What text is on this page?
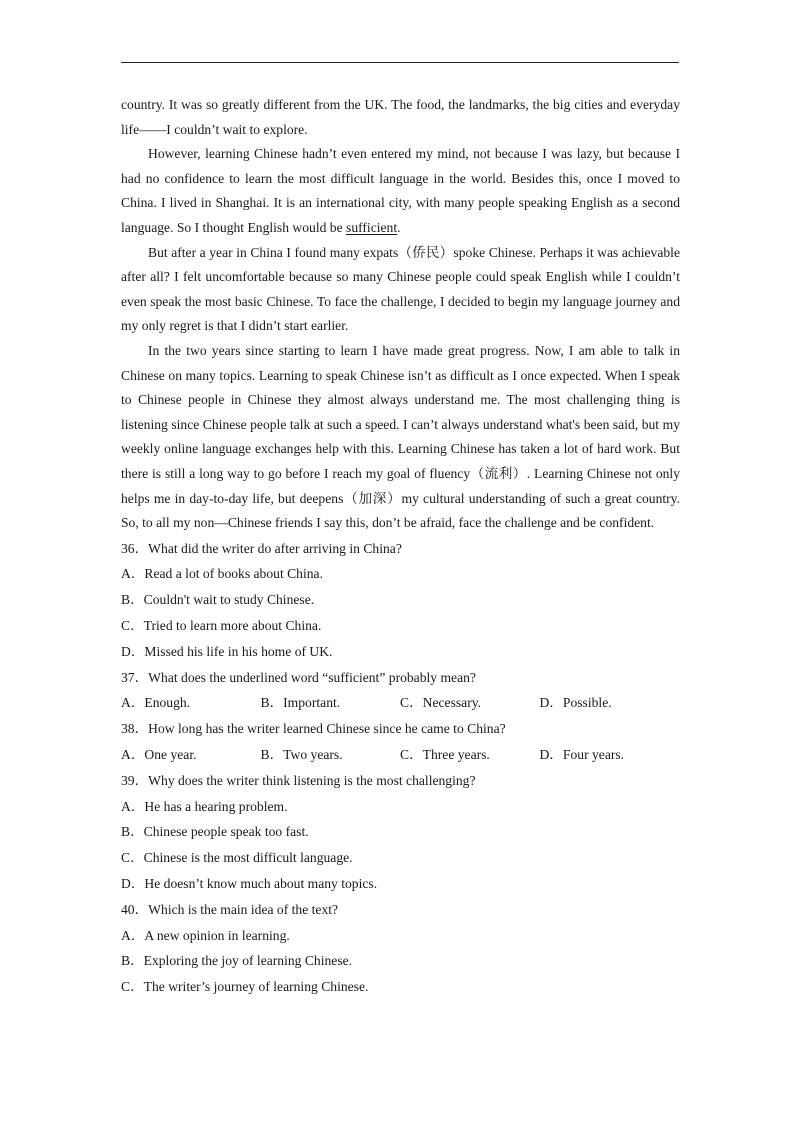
country. It was so greatly different from the UK. The food, the landmarks, the big cities and everyday life——I couldn’t wait to explore.

However, learning Chinese hadn’t even entered my mind, not because I was lazy, but because I had no confidence to learn the most difficult language in the world. Besides this, once I moved to China. I lived in Shanghai. It is an international city, with many people speaking English as a second language. So I thought English would be sufficient.

But after a year in China I found many expats（侨民）spoke Chinese. Perhaps it was achievable after all? I felt uncomfortable because so many Chinese people could speak English while I couldn’t even speak the most basic Chinese. To face the challenge, I decided to begin my language journey and my only regret is that I didn’t start earlier.

In the two years since starting to learn I have made great progress. Now, I am able to talk in Chinese on many topics. Learning to speak Chinese isn’t as difficult as I once expected. When I speak to Chinese people in Chinese they almost always understand me. The most challenging thing is listening since Chinese people talk at such a speed. I can’t always understand what's been said, but my weekly online language exchanges help with this. Learning Chinese has taken a lot of hard work. But there is still a long way to go before I reach my goal of fluency（流利）. Learning Chinese not only helps me in day-to-day life, but deepens（加深）my cultural understanding of such a great country. So, to all my non—Chinese friends I say this, don’t be afraid, face the challenge and be confident.

36．What did the writer do after arriving in China?

A．Read a lot of books about China.

B．Couldn't wait to study Chinese.

C．Tried to learn more about China.

D．Missed his life in his home of UK.

37．What does the underlined word “sufficient” probably mean?

A．Enough.	B．Important.	C．Necessary.	D．Possible.

38．How long has the writer learned Chinese since he came to China?

A．One year.	B．Two years.	C．Three years.	D．Four years.

39．Why does the writer think listening is the most challenging?

A．He has a hearing problem.

B．Chinese people speak too fast.

C．Chinese is the most difficult language.

D．He doesn’t know much about many topics.

40．Which is the main idea of the text?

A．A new opinion in learning.

B．Exploring the joy of learning Chinese.

C．The writer’s journey of learning Chinese.
